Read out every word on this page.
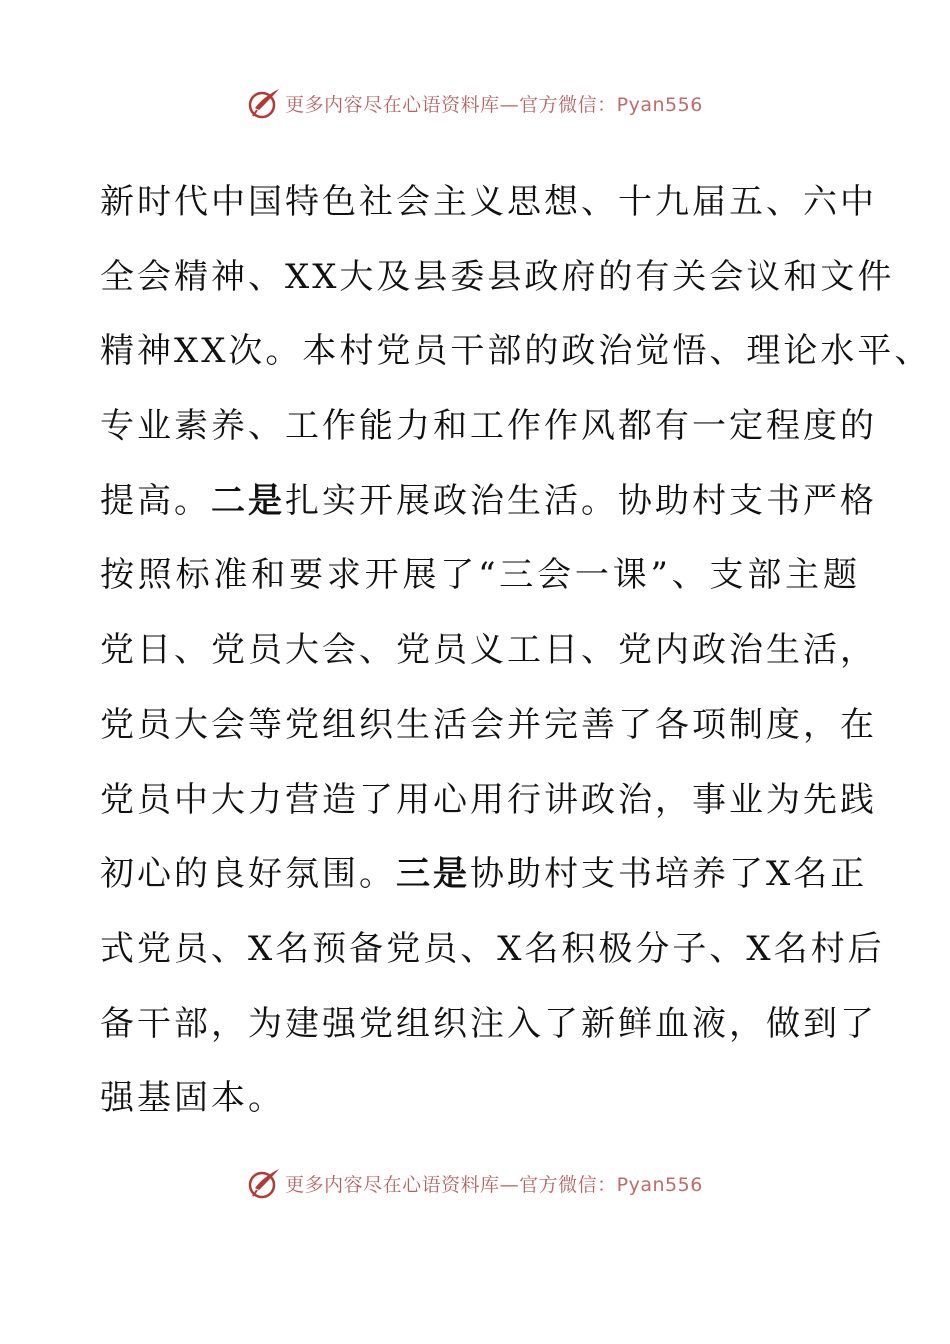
更多内容尽在心语资料库—官方微信：Pyan556
新时代中国特色社会主义思想、十九届五、六中
全会精神、XX大及县委县政府的有关会议和文件
精神XX次。本村党员干部的政治觉悟、理论水平、
专业素养、工作能力和工作作风都有一定程度的
提高。二是扎实开展政治生活。协助村支书严格
按照标准和要求开展了“三会一课”、支部主题
党日、党员大会、党员义工日、党内政治生活，
党员大会等党组织生活会并完善了各项制度，在
党员中大力营造了用心用行讲政治，事业为先践
初心的良好氛围。三是协助村支书培养了X名正
式党员、X名预备党员、X名积极分子、X名村后
备干部，为建强党组织注入了新鲜血液，做到了
强基固本。
更多内容尽在心语资料库—官方微信：Pyan556
